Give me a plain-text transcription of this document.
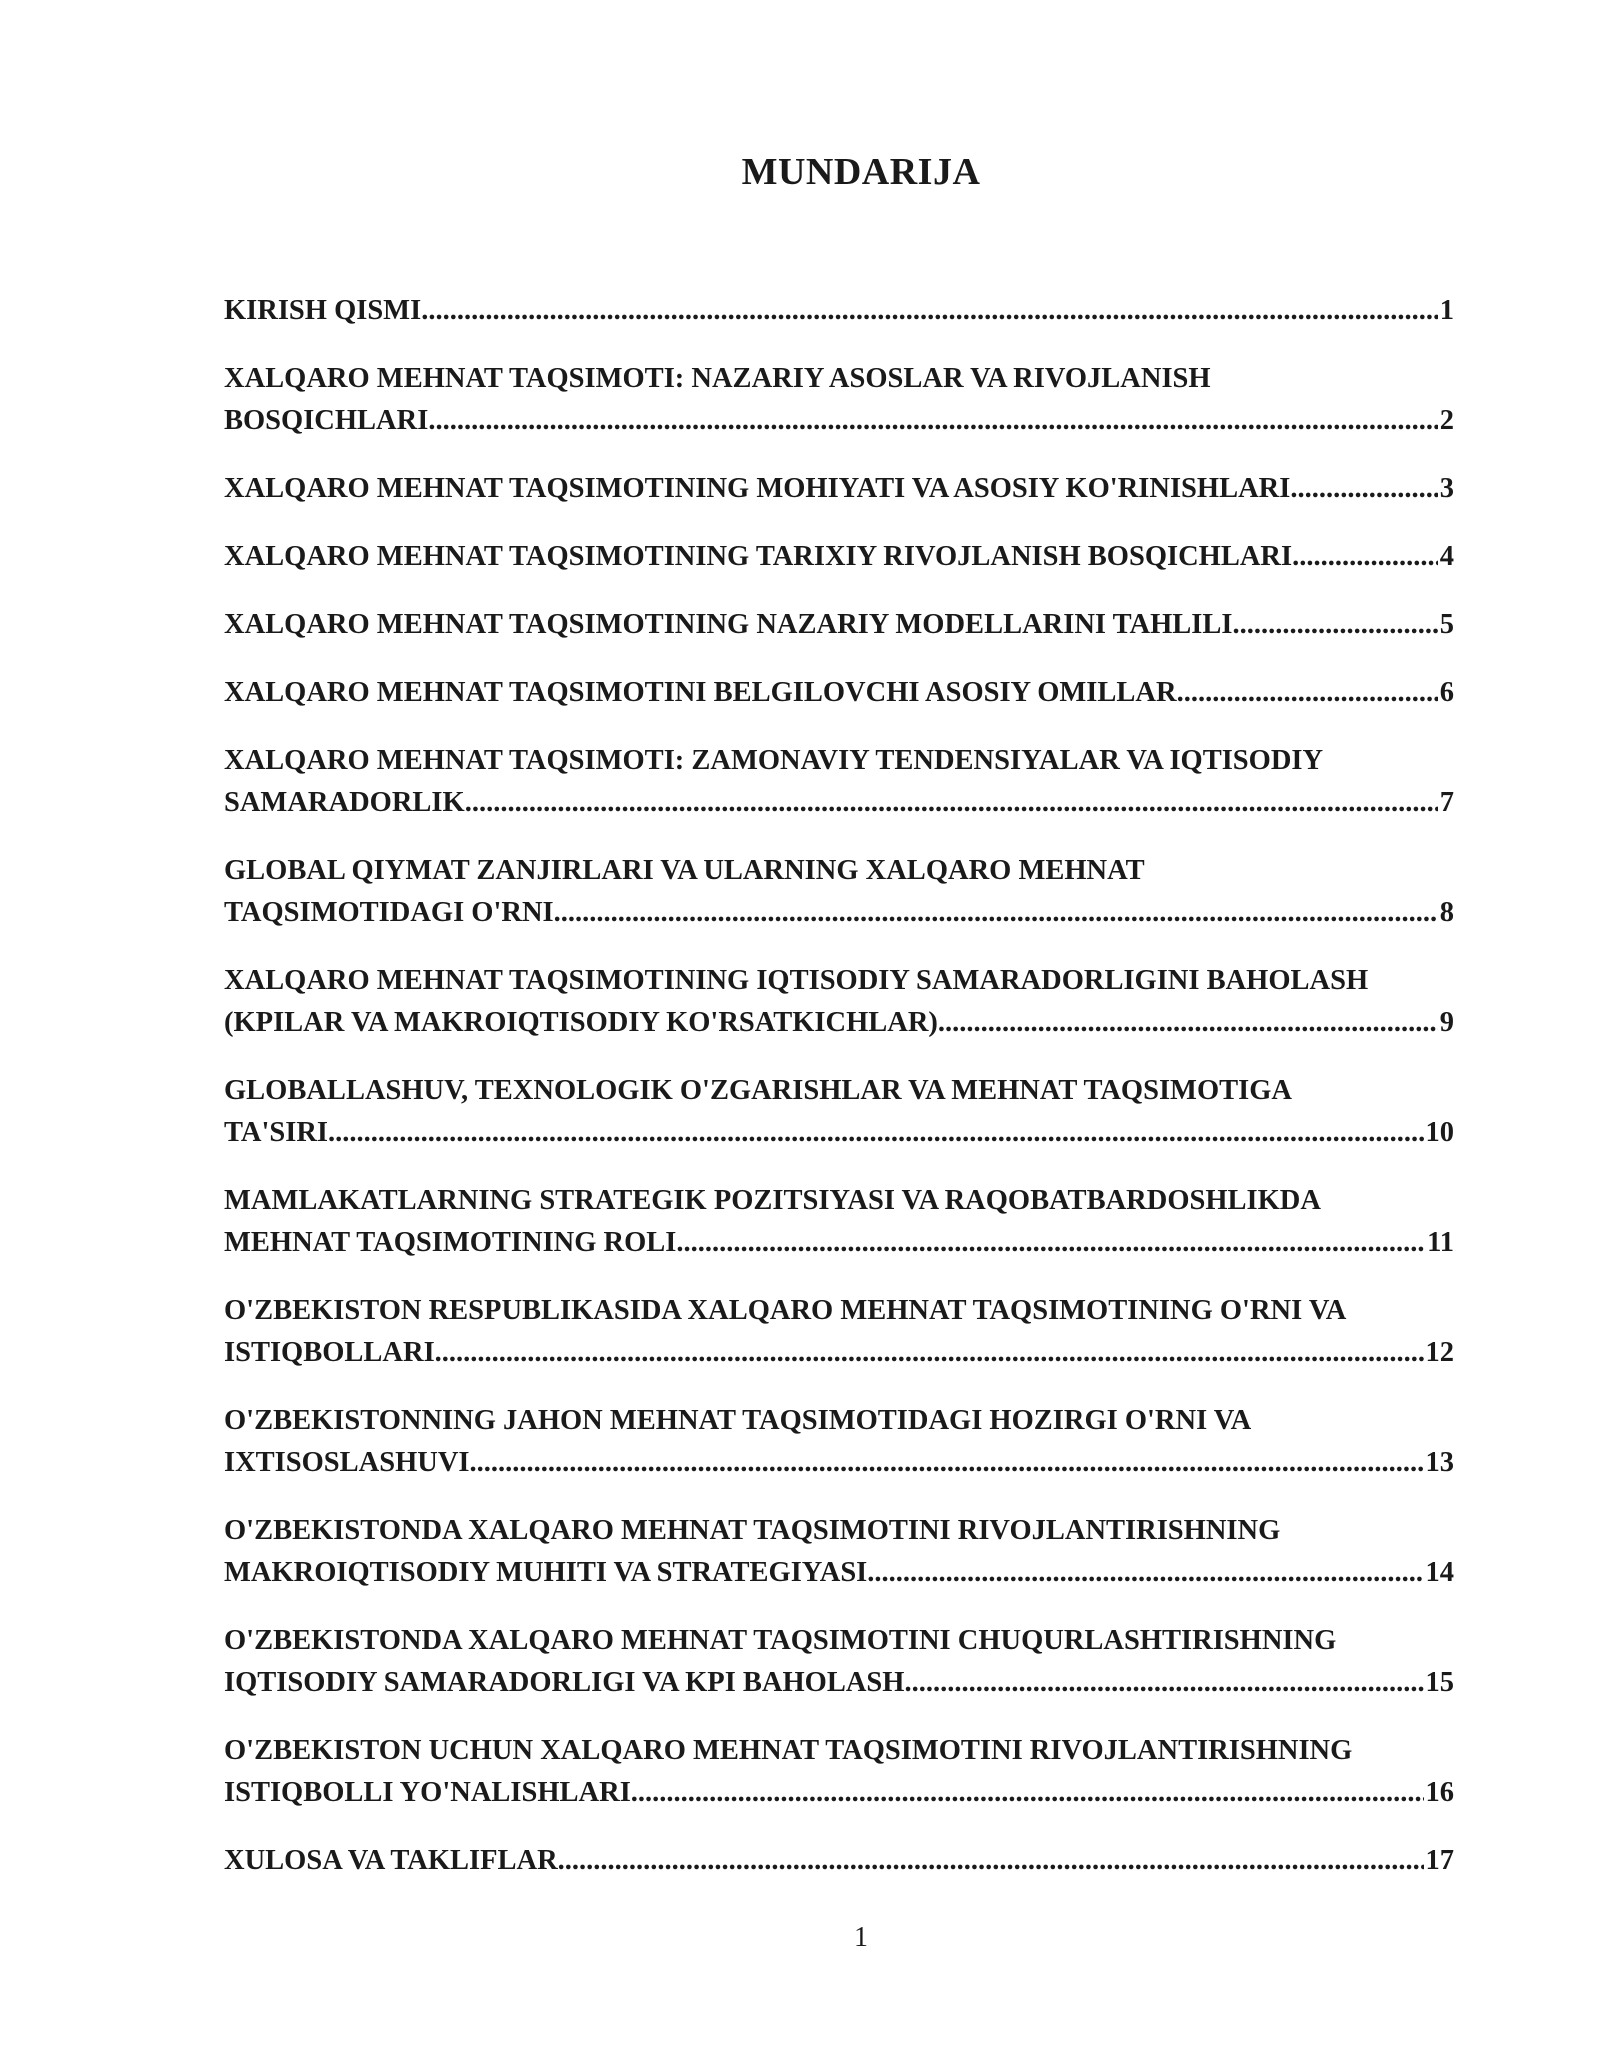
MUNDARIJA
KIRISH QISMI .....	1
XALQARO MEHNAT TAQSIMOTI: NAZARIY ASOSLAR VA RIVOJLANISH
BOSQICHLARI .....	2
XALQARO MEHNAT TAQSIMOTINING MOHIYATI VA ASOSIY KO'RINISHLARI .....	3
XALQARO MEHNAT TAQSIMOTINING TARIXIY RIVOJLANISH BOSQICHLARI .....	4
XALQARO MEHNAT TAQSIMOTINING NAZARIY MODELLARINI TAHLILI .....	5
XALQARO MEHNAT TAQSIMOTINI BELGILOVCHI ASOSIY OMILLAR .....	6
XALQARO MEHNAT TAQSIMOTI: ZAMONAVIY TENDENSIYALAR VA IQTISODIY
SAMARADORLIK .....	7
GLOBAL QIYMAT ZANJIRLARI VA ULARNING XALQARO MEHNAT
TAQSIMOTIDAGI O'RNI .....	8
XALQARO MEHNAT TAQSIMOTINING IQTISODIY SAMARADORLIGINI BAHOLASH
(KPILAR VA MAKROIQTISODIY KO'RSATKICHLAR) .....	9
GLOBALLASHUV, TEXNOLOGIK O'ZGARISHLAR VA MEHNAT TAQSIMOTIGA
TA'SIRI .....	10
MAMLAKATLARNING STRATEGIK POZITSIYASI VA RAQOBATBARDOSHLIKDA
MEHNAT TAQSIMOTINING ROLI .....	11
O'ZBEKISTON RESPUBLIKASIDA XALQARO MEHNAT TAQSIMOTINING O'RNI VA
ISTIQBOLLARI .....	12
O'ZBEKISTONNING JAHON MEHNAT TAQSIMOTIDAGI HOZIRGI O'RNI VA
IXTISOSLASHUVI .....	13
O'ZBEKISTONDA XALQARO MEHNAT TAQSIMOTINI RIVOJLANTIRISHNING
MAKROIQTISODIY MUHITI VA STRATEGIYASI .....	14
O'ZBEKISTONDA XALQARO MEHNAT TAQSIMOTINI CHUQURLASHTIRISHNING
IQTISODIY SAMARADORLIGI VA KPI BAHOLASH .....	15
O'ZBEKISTON UCHUN XALQARO MEHNAT TAQSIMOTINI RIVOJLANTIRISHNING
ISTIQBOLLI YO'NALISHLARI .....	16
XULOSA VA TAKLIFLAR .....	17
1
